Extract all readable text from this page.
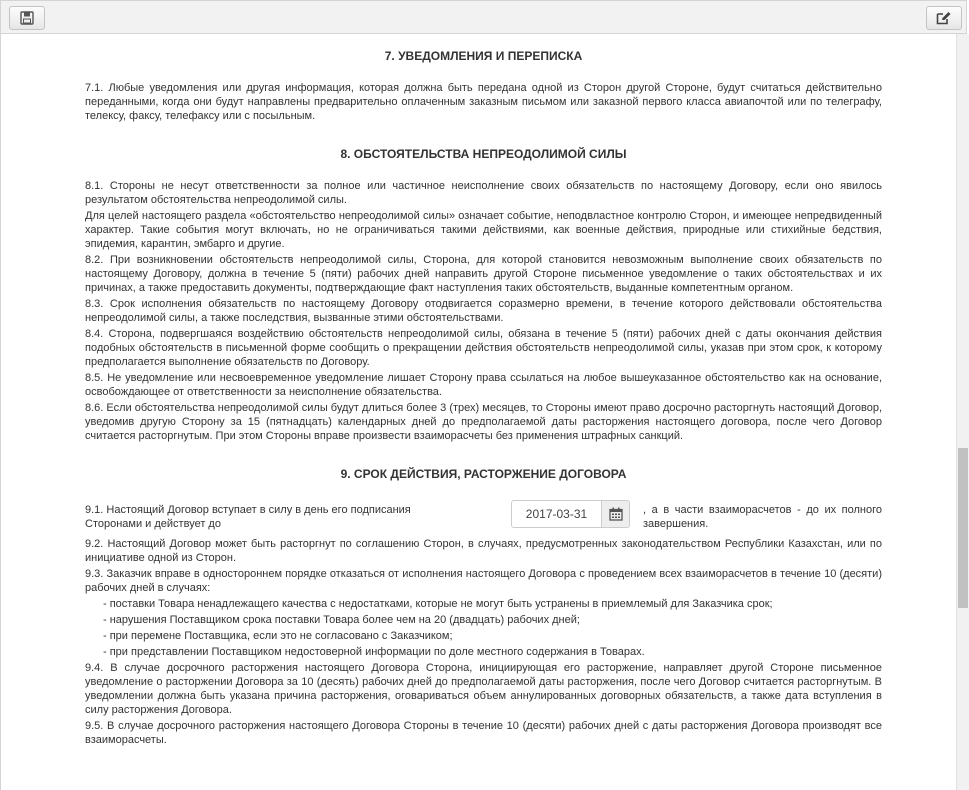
7. УВЕДОМЛЕНИЯ И ПЕРЕПИСКА

7.1. Любые уведомления или другая информация, которая должна быть передана одной из Сторон другой Стороне, будут считаться действительно переданными, когда они будут направлены предварительно оплаченным заказным письмом или заказной первого класса авиапочтой или по телеграфу, телексу, факсу, телефаксу или с посыльным.

8. ОБСТОЯТЕЛЬСТВА НЕПРЕОДОЛИМОЙ СИЛЫ

8.1. Стороны не несут ответственности за полное или частичное неисполнение своих обязательств по настоящему Договору, если оно явилось результатом обстоятельства непреодолимой силы.

Для целей настоящего раздела «обстоятельство непреодолимой силы» означает событие, неподвластное контролю Сторон, и имеющее непредвиденный характер. Такие события могут включать, но не ограничиваться такими действиями, как военные действия, природные или стихийные бедствия, эпидемия, карантин, эмбарго и другие.

8.2. При возникновении обстоятельств непреодолимой силы, Сторона, для которой становится невозможным выполнение своих обязательств по настоящему Договору, должна в течение 5 (пяти) рабочих дней направить другой Стороне письменное уведомление о таких обстоятельствах и их причинах, а также предоставить документы, подтверждающие факт наступления таких обстоятельств, выданные компетентным органом.

8.3. Срок исполнения обязательств по настоящему Договору отодвигается соразмерно времени, в течение которого действовали обстоятельства непреодолимой силы, а также последствия, вызванные этими обстоятельствами.

8.4. Сторона, подвергшаяся воздействию обстоятельств непреодолимой силы, обязана в течение 5 (пяти) рабочих дней с даты окончания действия подобных обстоятельств в письменной форме сообщить о прекращении действия обстоятельств непреодолимой силы, указав при этом срок, к которому предполагается выполнение обязательств по Договору.

8.5. Не уведомление или несвоевременное уведомление лишает Сторону права ссылаться на любое вышеуказанное обстоятельство как на основание, освобождающее от ответственности за неисполнение обязательства.

8.6. Если обстоятельства непреодолимой силы будут длиться более 3 (трех) месяцев, то Стороны имеют право досрочно расторгнуть настоящий Договор, уведомив другую Сторону за 15 (пятнадцать) календарных дней до предполагаемой даты расторжения настоящего договора, после чего Договор считается расторгнутым. При этом Стороны вправе произвести взаиморасчеты без применения штрафных санкций.

9. СРОК ДЕЙСТВИЯ, РАСТОРЖЕНИЕ ДОГОВОРА

9.1. Настоящий Договор вступает в силу в день его подписания Сторонами и действует до
2017-03-31
, а в части взаиморасчетов - до их полного завершения.

9.2. Настоящий Договор может быть расторгнут по соглашению Сторон, в случаях, предусмотренных законодательством Республики Казахстан, или по инициативе одной из Сторон.

9.3. Заказчик вправе в одностороннем порядке отказаться от исполнения настоящего Договора с проведением всех взаиморасчетов в течение 10 (десяти) рабочих дней в случаях:

- поставки Товара ненадлежащего качества с недостатками, которые не могут быть устранены в приемлемый для Заказчика срок;

- нарушения Поставщиком срока поставки Товара более чем на 20 (двадцать) рабочих дней;

- при перемене Поставщика, если это не согласовано с Заказчиком;

- при представлении Поставщиком недостоверной информации по доле местного содержания в Товарах.

9.4. В случае досрочного расторжения настоящего Договора Сторона, инициирующая его расторжение, направляет другой Стороне письменное уведомление о расторжении Договора за 10 (десять) рабочих дней до предполагаемой даты расторжения, после чего Договор считается расторгнутым. В уведомлении должна быть указана причина расторжения, оговариваться объем аннулированных договорных обязательств, а также дата вступления в силу расторжения Договора.

9.5. В случае досрочного расторжения настоящего Договора Стороны в течение 10 (десяти) рабочих дней с даты расторжения Договора производят все взаиморасчеты.
